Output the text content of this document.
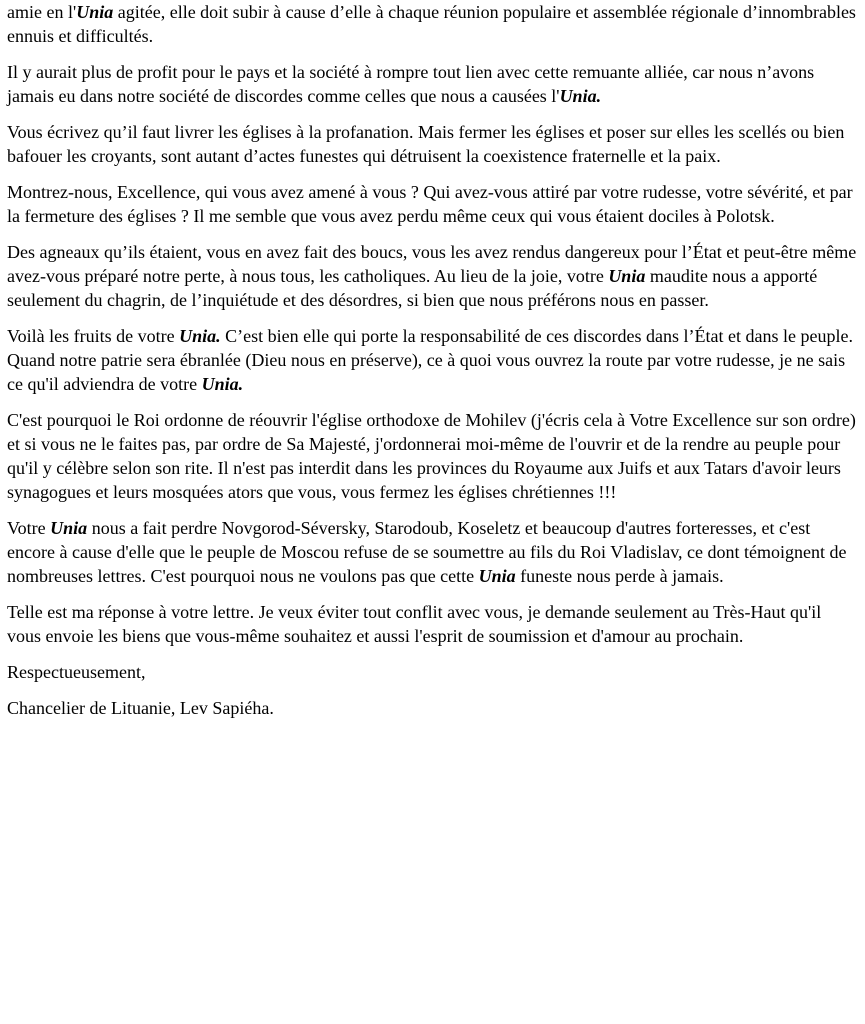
amie en l'Unia agitée, elle doit subir à cause d’elle à chaque réunion populaire et assemblée régionale d’innombrables ennuis et difficultés.

Il y aurait plus de profit pour le pays et la société à rompre tout lien avec cette remuante alliée, car nous n’avons jamais eu dans notre société de discordes comme celles que nous a causées l'Unia.

Vous écrivez qu’il faut livrer les églises à la profanation. Mais fermer les églises et poser sur elles les scellés ou bien bafouer les croyants, sont autant d’actes funestes qui détruisent la coexistence fraternelle et la paix.

Montrez-nous, Excellence, qui vous avez amené à vous ? Qui avez-vous attiré par votre rudesse, votre sévérité, et par la fermeture des églises ? Il me semble que vous avez perdu même ceux qui vous étaient dociles à Polotsk.

Des agneaux qu’ils étaient, vous en avez fait des boucs, vous les avez rendus dangereux pour l’État et peut-être même avez-vous préparé notre perte, à nous tous, les catholiques. Au lieu de la joie, votre Unia maudite nous a apporté seulement du chagrin, de l’inquiétude et des désordres, si bien que nous préférons nous en passer.

Voilà les fruits de votre Unia. C’est bien elle qui porte la responsabilité de ces discordes dans l’État et dans le peuple. Quand notre patrie sera ébranlée (Dieu nous en préserve), ce à quoi vous ouvrez la route par votre rudesse, je ne sais ce qu'il adviendra de votre Unia.

C'est pourquoi le Roi ordonne de réouvrir l'église orthodoxe de Mohilev (j'écris cela à Votre Excellence sur son ordre) et si vous ne le faites pas, par ordre de Sa Majesté, j'ordonnerai moi-même de l'ouvrir et de la rendre au peuple pour qu'il y célèbre selon son rite. Il n'est pas interdit dans les provinces du Royaume aux Juifs et aux Tatars d'avoir leurs synagogues et leurs mosquées ators que vous, vous fermez les églises chrétiennes !!!

Votre Unia nous a fait perdre Novgorod-Séversky, Starodoub, Koseletz et beaucoup d'autres forteresses, et c'est encore à cause d'elle que le peuple de Moscou refuse de se soumettre au fils du Roi Vladislav, ce dont témoignent de nombreuses lettres. C'est pourquoi nous ne voulons pas que cette Unia funeste nous perde à jamais.

Telle est ma réponse à votre lettre. Je veux éviter tout conflit avec vous, je demande seulement au Très-Haut qu'il vous envoie les biens que vous-même souhaitez et aussi l'esprit de soumission et d'amour au prochain.

Respectueusement,

Chancelier de Lituanie, Lev Sapiéha.
